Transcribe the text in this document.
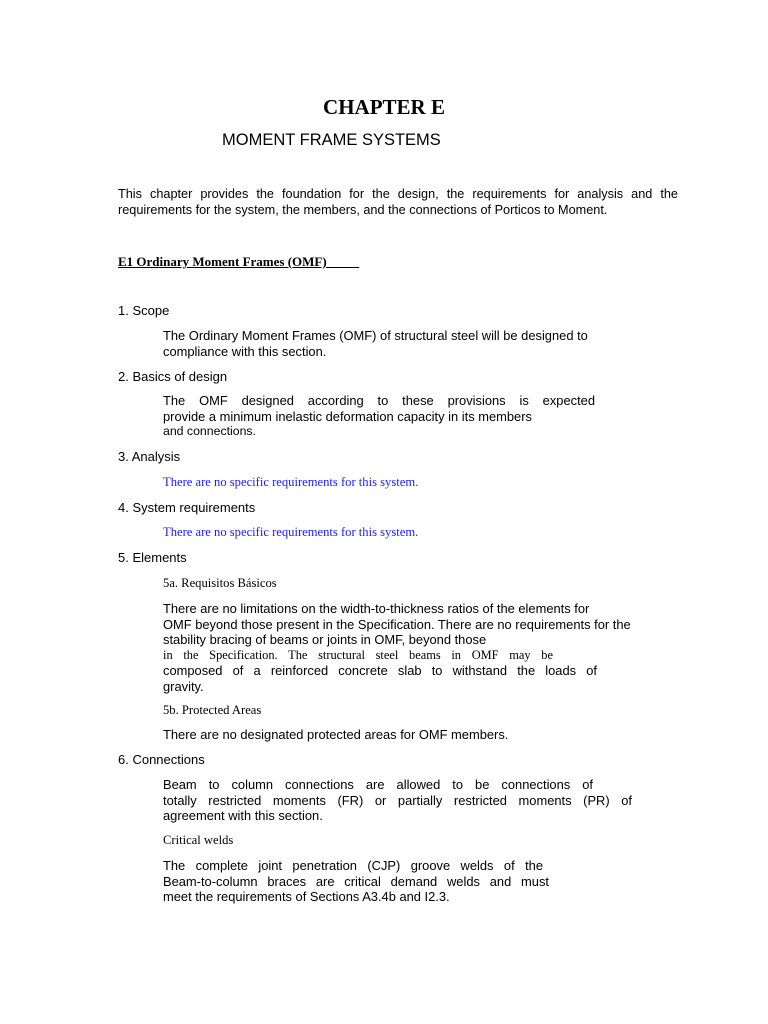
CHAPTER E
MOMENT FRAME SYSTEMS

This chapter provides the foundation for the design, the requirements for analysis and the requirements for the system, the members, and the connections of Porticos to Moment.

E1 Ordinary Moment Frames (OMF)
1. Scope
The Ordinary Moment Frames (OMF) of structural steel will be designed to
compliance with this section.
2. Basics of design
The OMF designed according to these provisions is expected
provide a minimum inelastic deformation capacity in its members
and connections.
3. Analysis
There are no specific requirements for this system.
4. System requirements
There are no specific requirements for this system.
5. Elements
5a. Requisitos Básicos
There are no limitations on the width-to-thickness ratios of the elements for
OMF beyond those present in the Specification. There are no requirements for the
stability bracing of beams or joints in OMF, beyond those
in the Specification. The structural steel beams in OMF may be
composed of a reinforced concrete slab to withstand the loads of
gravity.
5b. Protected Areas
There are no designated protected areas for OMF members.
6. Connections
Beam to column connections are allowed to be connections of
totally restricted moments (FR) or partially restricted moments (PR) of
agreement with this section.
Critical welds
The complete joint penetration (CJP) groove welds of the
Beam-to-column braces are critical demand welds and must
meet the requirements of Sections A3.4b and I2.3.
